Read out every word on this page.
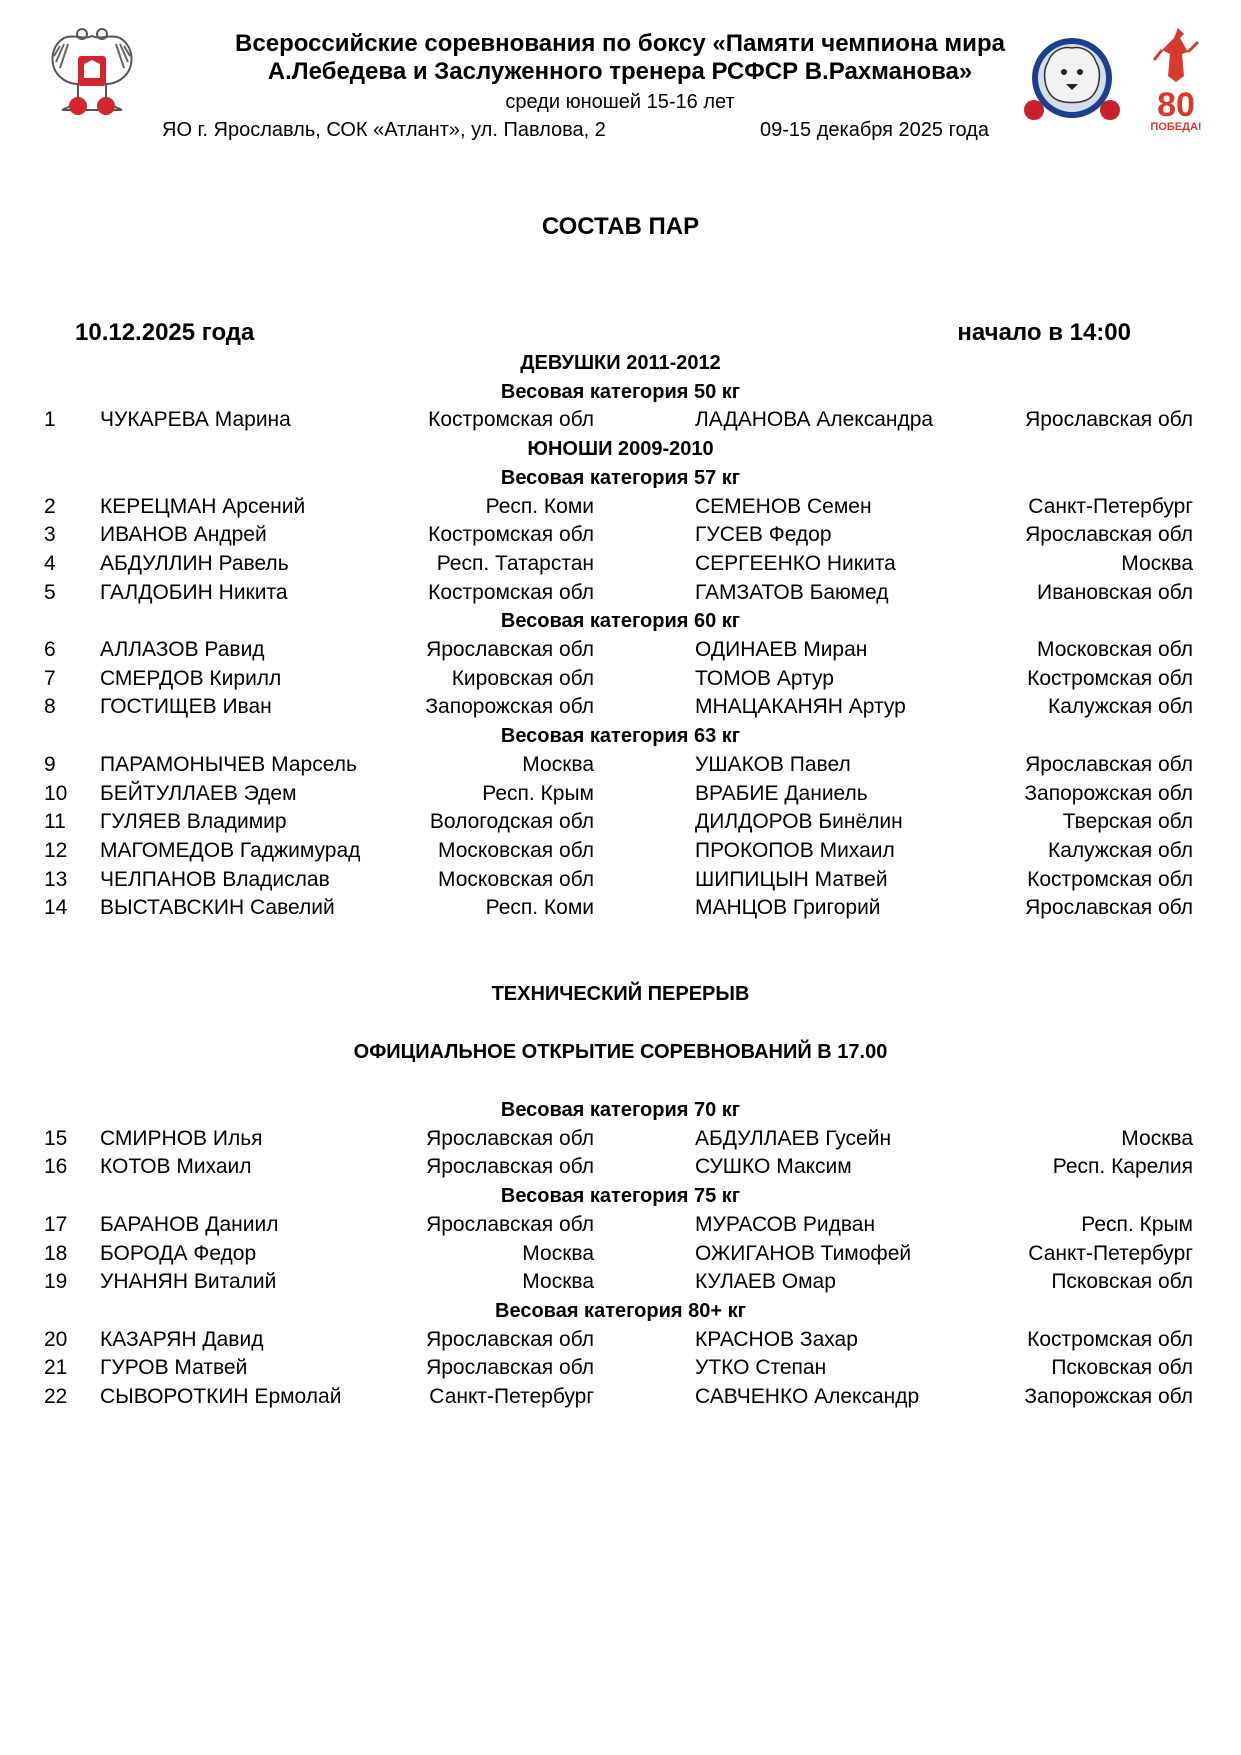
80
ПОБЕДА!
Всероссийские соревнования по боксу «Памяти чемпиона мира
А.Лебедева и Заслуженного тренера РСФСР В.Рахманова»
среди юношей 15-16 лет
ЯО г. Ярославль, СОК «Атлант», ул. Павлова, 2	09-15 декабря 2025 года
СОСТАВ ПАР
10.12.2025 года	начало в 14:00
ДЕВУШКИ 2011-2012
Весовая категория 50 кг
1 ЧУКАРЕВА Марина	Костромская обл	ЛАДАНОВА Александра	Ярославская обл
ЮНОШИ 2009-2010
Весовая категория 57 кг
2 КЕРЕЦМАН Арсений	Респ. Коми	СЕМЕНОВ Семен	Санкт-Петербург
3 ИВАНОВ Андрей	Костромская обл	ГУСЕВ Федор	Ярославская обл
4 АБДУЛЛИН Равель	Респ. Татарстан	СЕРГЕЕНКО Никита	Москва
5 ГАЛДОБИН Никита	Костромская обл	ГАМЗАТОВ Баюмед	Ивановская обл
Весовая категория 60 кг
6 АЛЛАЗОВ Равид	Ярославская обл	ОДИНАЕВ Миран	Московская обл
7 СМЕРДОВ Кирилл	Кировская обл	ТОМОВ Артур	Костромская обл
8 ГОСТИЩЕВ Иван	Запорожская обл	МНАЦАКАНЯН Артур	Калужская обл
Весовая категория 63 кг
9 ПАРАМОНЫЧЕВ Марсель	Москва	УШАКОВ Павел	Ярославская обл
10 БЕЙТУЛЛАЕВ Эдем	Респ. Крым	ВРАБИЕ Даниель	Запорожская обл
11 ГУЛЯЕВ Владимир	Вологодская обл	ДИЛДОРОВ Бинёлин	Тверская обл
12 МАГОМЕДОВ Гаджимурад	Московская обл	ПРОКОПОВ Михаил	Калужская обл
13 ЧЕЛПАНОВ Владислав	Московская обл	ШИПИЦЫН Матвей	Костромская обл
14 ВЫСТАВСКИН Савелий	Респ. Коми	МАНЦОВ Григорий	Ярославская обл
ТЕХНИЧЕСКИЙ ПЕРЕРЫВ
ОФИЦИАЛЬНОЕ ОТКРЫТИЕ СОРЕВНОВАНИЙ В 17.00
Весовая категория 70 кг
15 СМИРНОВ Илья	Ярославская обл	АБДУЛЛАЕВ Гусейн	Москва
16 КОТОВ Михаил	Ярославская обл	СУШКО Максим	Респ. Карелия
Весовая категория 75 кг
17 БАРАНОВ Даниил	Ярославская обл	МУРАСОВ Ридван	Респ. Крым
18 БОРОДА Федор	Москва	ОЖИГАНОВ Тимофей	Санкт-Петербург
19 УНАНЯН Виталий	Москва	КУЛАЕВ Омар	Псковская обл
Весовая категория 80+ кг
20 КАЗАРЯН Давид	Ярославская обл	КРАСНОВ Захар	Костромская обл
21 ГУРОВ Матвей	Ярославская обл	УТКО Степан	Псковская обл
22 СЫВОРОТКИН Ермолай	Санкт-Петербург	САВЧЕНКО Александр	Запорожская обл
